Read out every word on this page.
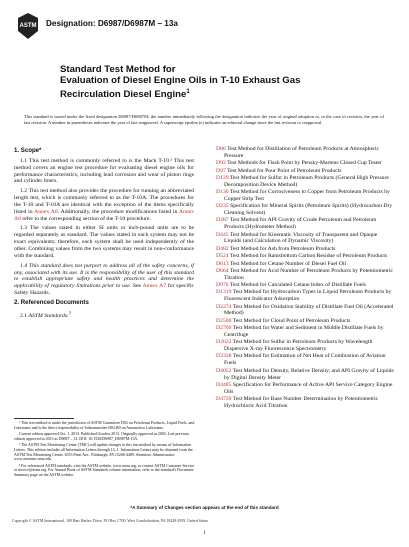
ASTM Designation: D6987/D6987M – 13a
Standard Test Method for
Evaluation of Diesel Engine Oils in T-10 Exhaust Gas
Recirculation Diesel Engine$^1$
This standard is issued under the fixed designation D6987/D6987M; the number immediately following the designation indicates the year of original adoption or, in the case of revision, the year of last revision. A number in parentheses indicates the year of last reapproval. A superscript epsilon (ε) indicates an editorial change since the last revision or reapproval.
1. Scope*

1.1 This test method is commonly referred to is the Mack T-10.² This test method covers an engine test procedure for evaluating diesel engine oils for performance characteristics, including lead corrosion and wear of piston rings and cylinder liners.

1.2 This test method also provides the procedure for running an abbreviated length test, which is commonly referred to as the T-10A. The procedures for the T-10 and T-10A are identical with the exception of the items specifically listed in Annex A8. Additionally, the procedure modifications listed in Annex A8 refer to the corresponding section of the T-10 procedure.

1.3 The values stated in either SI units or inch-pound units are to be regarded separately as standard. The values stated in each system may not be exact equivalents; therefore, each system shall be used independently of the other. Combining values from the two systems may result in non-conformance with the standard.

1.4 This standard does not purport to address all of the safety concerns, if any, associated with its use. It is the responsibility of the user of this standard to establish appropriate safety and health practices and determine the applicability of regulatory limitations prior to use. See Annex A7 for specific Safety Hazards.

2. Referenced Documents

2.1 ASTM Standards:$^3$

D86 Test Method for Distillation of Petroleum Products at Atmospheric Pressure
D93 Test Methods for Flash Point by Pensky-Martens Closed Cup Tester
D97 Test Method for Pour Point of Petroleum Products
D129 Test Method for Sulfur in Petroleum Products (General High Pressure Decomposition Device Method)
D130 Test Method for Corrosiveness to Copper from Petroleum Products by Copper Strip Test
D235 Specification for Mineral Spirits (Petroleum Spirits) (Hydrocarbon Dry Cleaning Solvent)
D287 Test Method for API Gravity of Crude Petroleum and Petroleum Products (Hydrometer Method)
D445 Test Method for Kinematic Viscosity of Transparent and Opaque Liquids (and Calculation of Dynamic Viscosity)
D482 Test Method for Ash from Petroleum Products
D524 Test Method for Ramsbottom Carbon Residue of Petroleum Products
D613 Test Method for Cetane Number of Diesel Fuel Oil
D664 Test Method for Acid Number of Petroleum Products by Potentiometric Titration
D976 Test Method for Calculated Cetane Index of Distillate Fuels
D1319 Test Method for Hydrocarbon Types in Liquid Petroleum Products by Fluorescent Indicator Adsorption
D2274 Test Method for Oxidation Stability of Distillate Fuel Oil (Accelerated Method)
D2500 Test Method for Cloud Point of Petroleum Products
D2709 Test Method for Water and Sediment in Middle Distillate Fuels by Centrifuge
D2622 Test Method for Sulfur in Petroleum Products by Wavelength Dispersive X-ray Fluorescence Spectrometry
D3338 Test Method for Estimation of Net Heat of Combustion of Aviation Fuels
D4052 Test Method for Density, Relative Density, and API Gravity of Liquids by Digital Density Meter
D4485 Specification for Performance of Active API Service Category Engine Oils
D4739 Test Method for Base Number Determination by Potentiometric Hydrochloric Acid Titration

¹ This test method is under the jurisdiction of ASTM Committee D02 on Petroleum Products, Liquid Fuels, and Lubricants and is the direct responsibility of Subcommittee D02.B0 on Automotive Lubricants.

Current edition approved Oct. 1, 2013. Published October 2013. Originally approved in 2003. Last previous edition approved in 2013 as D6987 – 13. DOI: 10.1520/D6987_D6987M-13A.

² The ASTM Test Monitoring Center (TMC) will update changes in this test method by means of Information Letters. This edition includes all Information Letters through 13–1. Information Letters may be obtained from the ASTM Test Monitoring Center, 6555 Penn Ave., Pittsburgh, PA 15206-4489, Attention: Administrator. www.astmtmc.cmu.edu

³ For referenced ASTM standards, visit the ASTM website, www.astm.org, or contact ASTM Customer Service at service@astm.org. For Annual Book of ASTM Standards volume information, refer to the standard's Document Summary page on the ASTM website.

*A Summary of Changes section appears at the end of this standard
Copyright © ASTM International, 100 Barr Harbor Drive, PO Box C700, West Conshohocken, PA 19428-2959. United States
1
